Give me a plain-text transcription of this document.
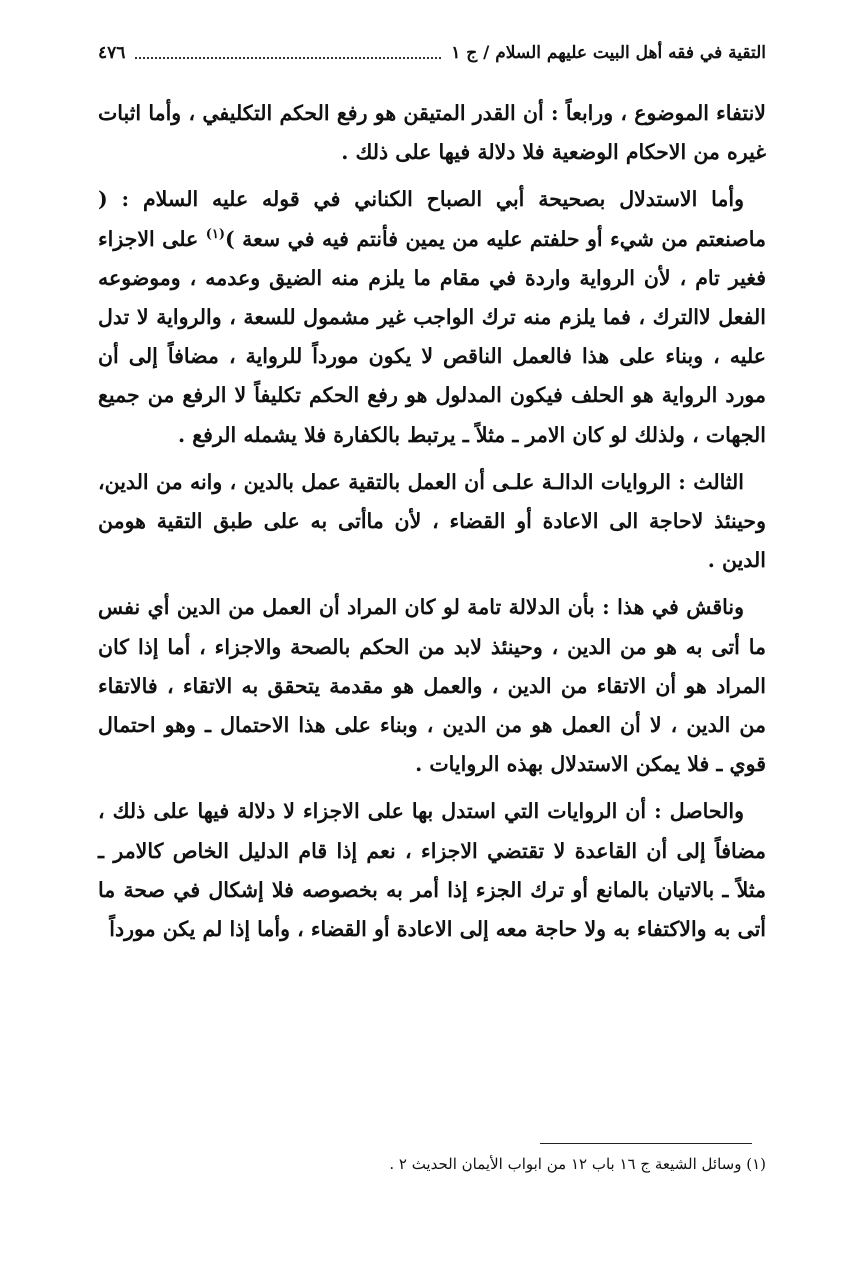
التقية في فقه أهل البيت عليهم السلام / ج ١
٤٧٦

لانتفاء الموضوع ، ورابعاً : أن القدر المتيقن هو رفع الحكم التكليفي ، وأما اثبات غيره من الاحكام الوضعية فلا دلالة فيها على ذلك .

وأما الاستدلال بصحيحة أبي الصباح الكناني في قوله عليه السلام : ( ماصنعتم من شيء أو حلفتم عليه من يمين فأنتم فيه في سعة )$^{(١)}$ على الاجزاء فغير تام ، لأن الرواية واردة في مقام ما يلزم منه الضيق وعدمه ، وموضوعه الفعل لاالترك ، فما يلزم منه ترك الواجب غير مشمول للسعة ، والرواية لا تدل عليه ، وبناء على هذا فالعمل الناقص لا يكون مورداً للرواية ، مضافاً إلى أن مورد الرواية هو الحلف فيكون المدلول هو رفع الحكم تكليفاً لا الرفع من جميع الجهات ، ولذلك لو كان الامر ـ مثلاً ـ يرتبط بالكفارة فلا يشمله الرفع .

الثالث : الروايات الدالـة علـى أن العمل بالتقية عمل بالدين ، وانه من الدين، وحينئذ لاحاجة الى الاعادة أو القضاء ، لأن ماأتى به على طبق التقية هومن الدين .

وناقش في هذا : بأن الدلالة تامة لو كان المراد أن العمل من الدين أي نفس ما أتى به هو من الدين ، وحينئذ لابد من الحكم بالصحة والاجزاء ، أما إذا كان المراد هو أن الاتقاء من الدين ، والعمل هو مقدمة يتحقق به الاتقاء ، فالاتقاء من الدين ، لا أن العمل هو من الدين ، وبناء على هذا الاحتمال ـ وهو احتمال قوي ـ فلا يمكن الاستدلال بهذه الروايات .

والحاصل : أن الروايات التي استدل بها على الاجزاء لا دلالة فيها على ذلك ، مضافاً إلى أن القاعدة لا تقتضي الاجزاء ، نعم إذا قام الدليل الخاص كالامر ـ مثلاً ـ بالاتيان بالمانع أو ترك الجزء إذا أمر به بخصوصه فلا إشكال في صحة ما أتى به والاكتفاء به ولا حاجة معه إلى الاعادة أو القضاء ، وأما إذا لم يكن مورداً

(١) وسائل الشيعة ج ١٦ باب ١٢ من ابواب الأيمان الحديث ٢ .
